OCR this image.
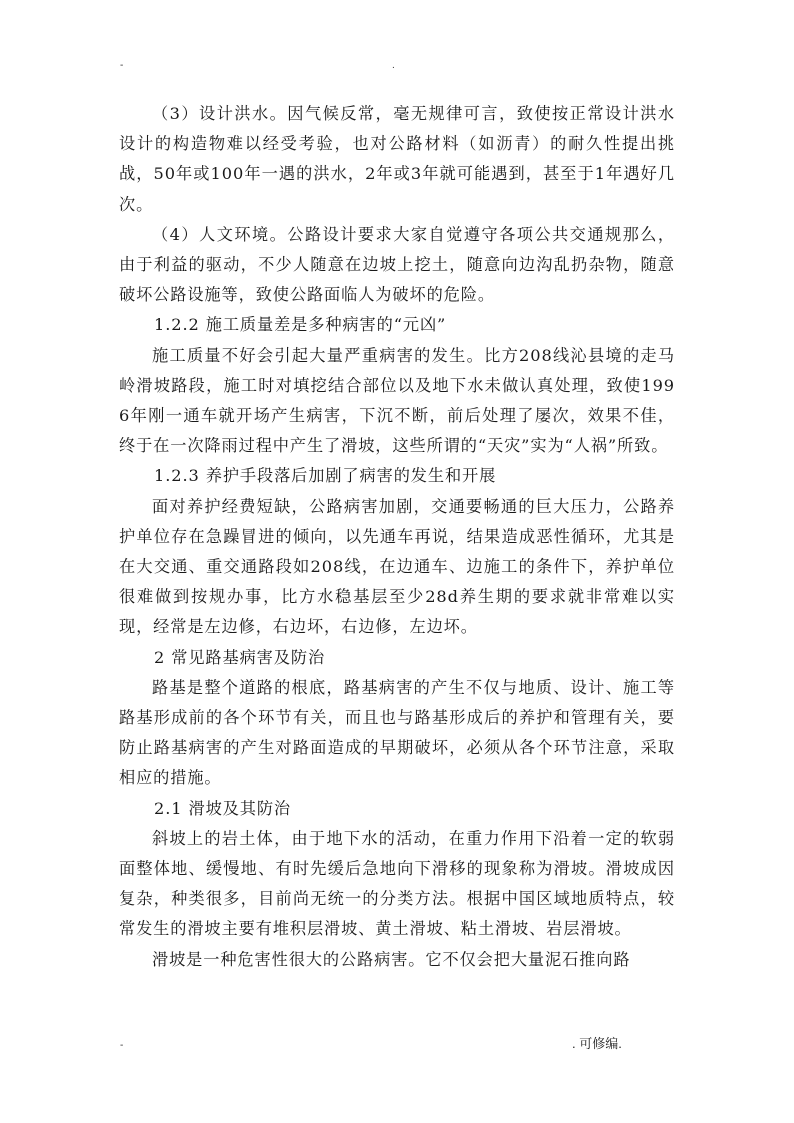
-	.

（3）设计洪水。因气候反常，毫无规律可言，致使按正常设计洪水设计的构造物难以经受考验，也对公路材料（如沥青）的耐久性提出挑战，50年或100年一遇的洪水，2年或3年就可能遇到，甚至于1年遇好几次。

（4）人文环境。公路设计要求大家自觉遵守各项公共交通规那么，由于利益的驱动，不少人随意在边坡上挖土，随意向边沟乱扔杂物，随意破坏公路设施等，致使公路面临人为破坏的危险。

1.2.2 施工质量差是多种病害的“元凶”

施工质量不好会引起大量严重病害的发生。比方208线沁县境的走马岭滑坡路段，施工时对填挖结合部位以及地下水未做认真处理，致使1996年刚一通车就开场产生病害，下沉不断，前后处理了屡次，效果不佳，终于在一次降雨过程中产生了滑坡，这些所谓的“天灾”实为“人祸”所致。

1.2.3 养护手段落后加剧了病害的发生和开展

面对养护经费短缺，公路病害加剧，交通要畅通的巨大压力，公路养护单位存在急躁冒进的倾向，以先通车再说，结果造成恶性循环，尤其是在大交通、重交通路段如208线，在边通车、边施工的条件下，养护单位很难做到按规办事，比方水稳基层至少28d养生期的要求就非常难以实现，经常是左边修，右边坏，右边修，左边坏。

2 常见路基病害及防治

路基是整个道路的根底，路基病害的产生不仅与地质、设计、施工等路基形成前的各个环节有关，而且也与路基形成后的养护和管理有关，要防止路基病害的产生对路面造成的早期破坏，必须从各个环节注意，采取相应的措施。

2.1 滑坡及其防治

斜坡上的岩土体，由于地下水的活动，在重力作用下沿着一定的软弱面整体地、缓慢地、有时先缓后急地向下滑移的现象称为滑坡。滑坡成因复杂，种类很多，目前尚无统一的分类方法。根据中国区域地质特点，较常发生的滑坡主要有堆积层滑坡、黄土滑坡、粘土滑坡、岩层滑坡。

滑坡是一种危害性很大的公路病害。它不仅会把大量泥石推向路

-	. 可修编.
